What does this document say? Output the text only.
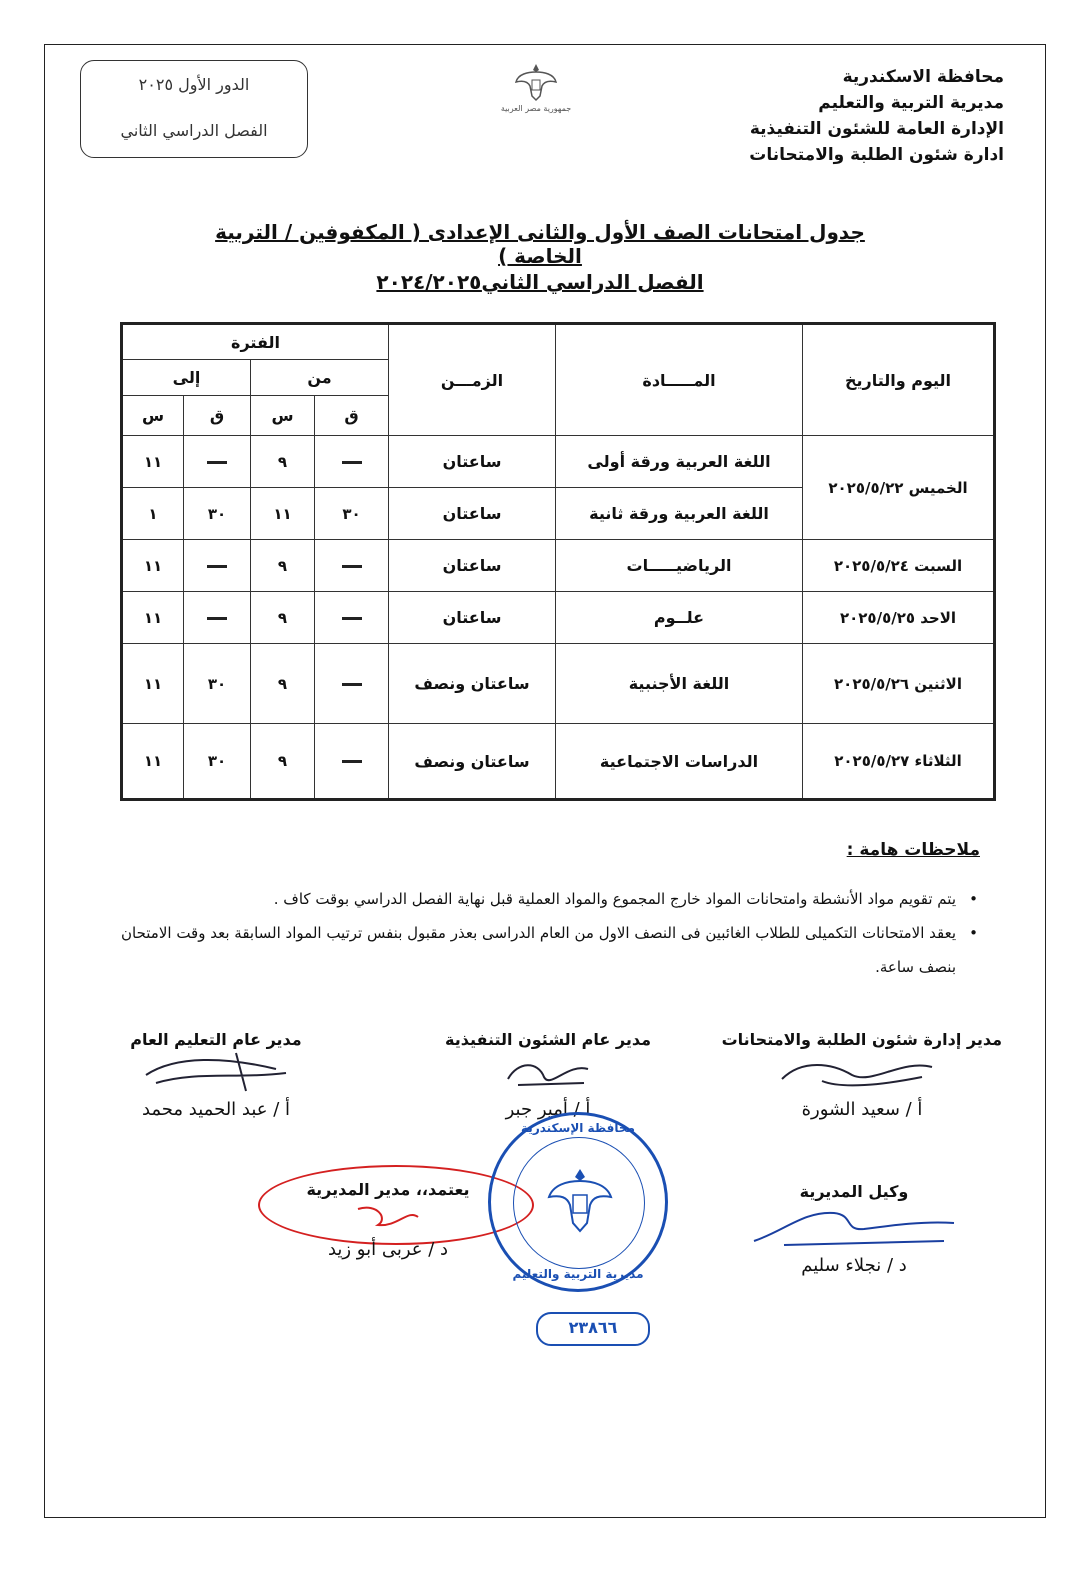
محافظة الاسكندرية
مديرية التربية والتعليم
الإدارة العامة للشئون التنفيذية
ادارة شئون الطلبة والامتحانات
جمهورية مصر العربية
الدور الأول ٢٠٢٥
الفصل الدراسي الثاني
جدول امتحانات الصف الأول والثانى الإعدادى ( المكفوفين / التربية الخاصة )
الفصل الدراسي الثاني٢٠٢٤/٢٠٢٥
اليوم والتاريخ	المـــــادة	الزمـــن	الفترة			
			من		إلى	
			ق	س	ق	س
الخميس ٢٠٢٥/٥/٢٢	اللغة العربية ورقة أولى	ساعتان		٩		١١
	اللغة العربية ورقة ثانية	ساعتان	٣٠	١١	٣٠	١
السبت ٢٠٢٥/٥/٢٤	الرياضيـــــات	ساعتان		٩		١١
الاحد ٢٠٢٥/٥/٢٥	علــوم	ساعتان		٩		١١
الاثنين ٢٠٢٥/٥/٢٦	اللغة الأجنبية	ساعتان ونصف		٩	٣٠	١١
الثلاثاء ٢٠٢٥/٥/٢٧	الدراسات الاجتماعية	ساعتان ونصف		٩	٣٠	١١
ملاحظات هامة :
•
يتم تقويم مواد الأنشطة وامتحانات المواد خارج المجموع والمواد العملية قبل نهاية الفصل الدراسي بوقت كاف .
•
يعقد الامتحانات التكميلى للطلاب الغائبين فى النصف الاول من العام الدراسى بعذر مقبول بنفس ترتيب المواد السابقة بعد وقت الامتحان بنصف ساعة.
مدير إدارة شئون الطلبة والامتحانات
أ / سعيد الشورة
مدير عام الشئون التنفيذية
أ / أمير جبر
مدير عام التعليم العام
أ / عبد الحميد محمد
وكيل المديرية
د / نجلاء سليم
يعتمد،، مدير المديرية
د / عربى أبو زيد
محافظة الإسكندرية
مديرية التربية والتعليم
٢٣٨٦٦
